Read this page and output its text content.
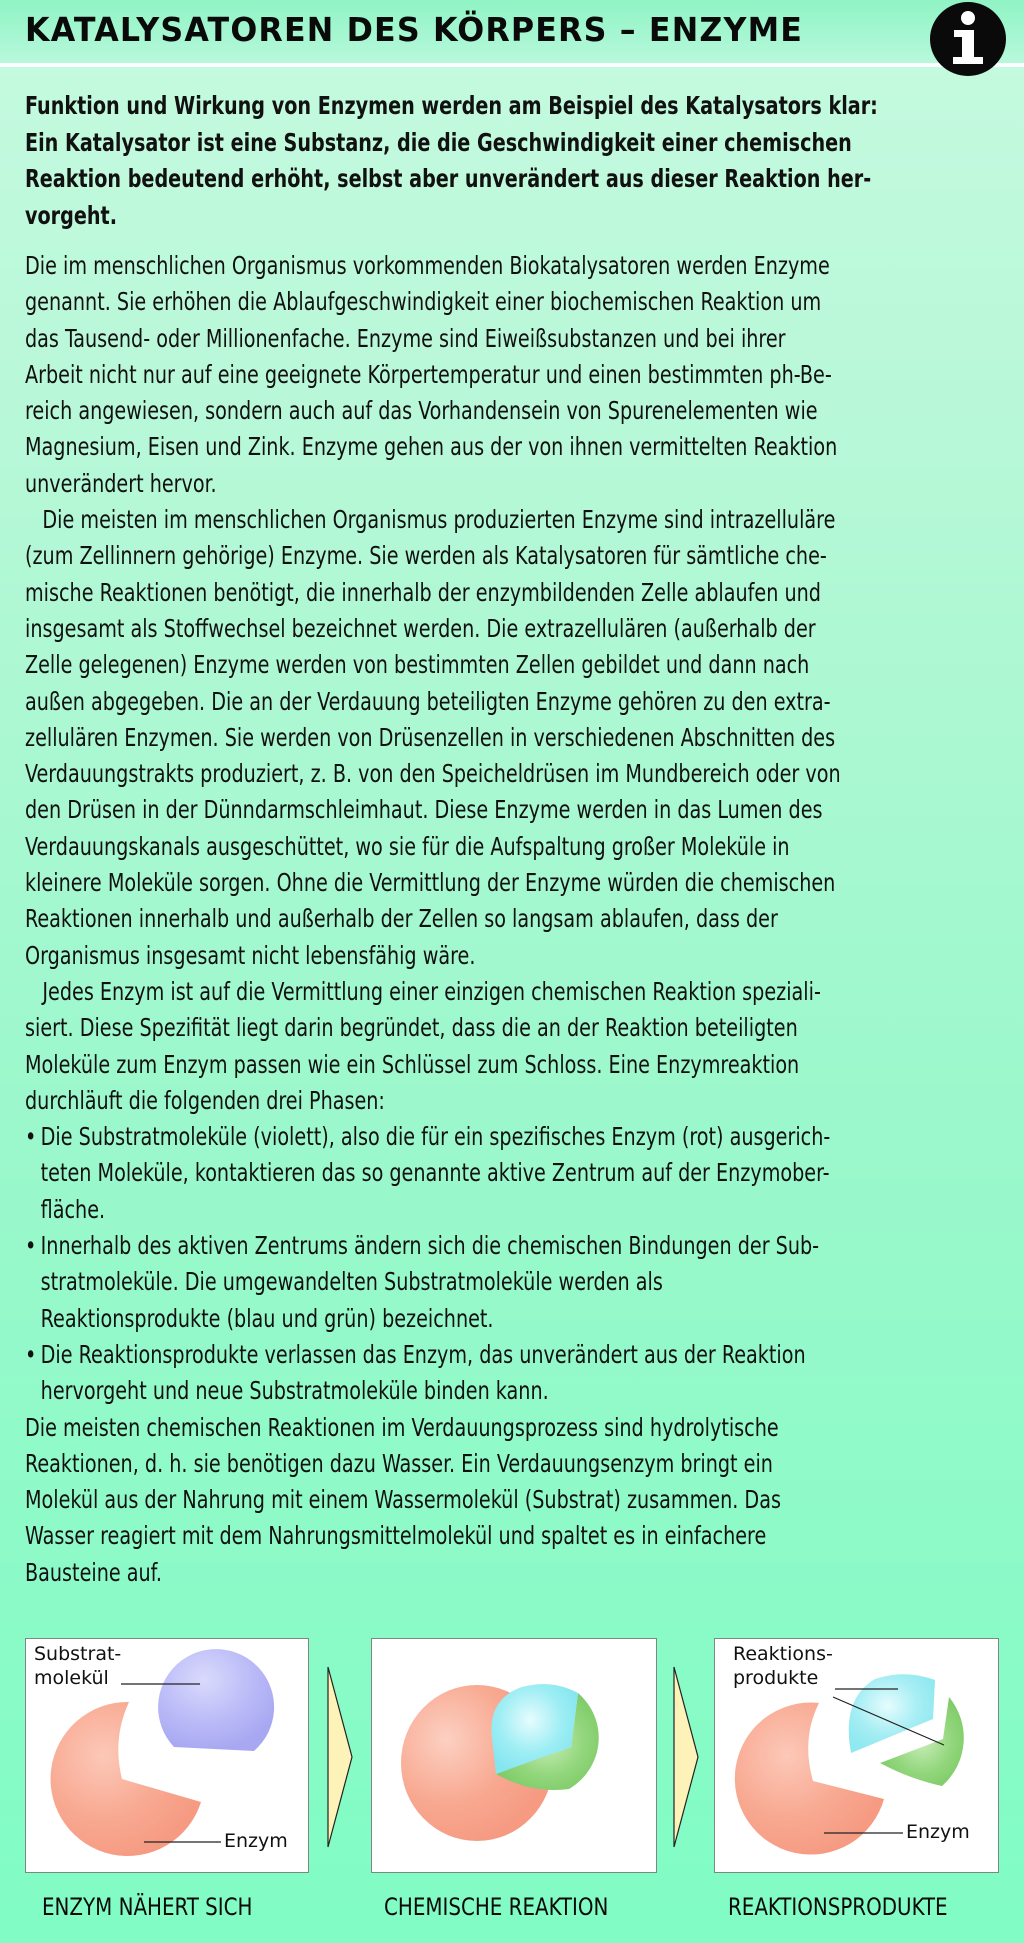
KATALYSATOREN DES KÖRPERS – ENZYME
Funktion und Wirkung von Enzymen werden am Beispiel des Katalysators klar:
Ein Katalysator ist eine Substanz, die die Geschwindigkeit einer chemischen
Reaktion bedeutend erhöht, selbst aber unverändert aus dieser Reaktion her-
vorgeht.
Die im menschlichen Organismus vorkommenden Biokatalysatoren werden Enzyme
genannt. Sie erhöhen die Ablaufgeschwindigkeit einer biochemischen Reaktion um
das Tausend- oder Millionenfache. Enzyme sind Eiweißsubstanzen und bei ihrer
Arbeit nicht nur auf eine geeignete Körpertemperatur und einen bestimmten ph-Be-
reich angewiesen, sondern auch auf das Vorhandensein von Spurenelementen wie
Magnesium, Eisen und Zink. Enzyme gehen aus der von ihnen vermittelten Reaktion
unverändert hervor.
Die meisten im menschlichen Organismus produzierten Enzyme sind intrazelluläre
(zum Zellinnern gehörige) Enzyme. Sie werden als Katalysatoren für sämtliche che-
mische Reaktionen benötigt, die innerhalb der enzymbildenden Zelle ablaufen und
insgesamt als Stoffwechsel bezeichnet werden. Die extrazellulären (außerhalb der
Zelle gelegenen) Enzyme werden von bestimmten Zellen gebildet und dann nach
außen abgegeben. Die an der Verdauung beteiligten Enzyme gehören zu den extra-
zellulären Enzymen. Sie werden von Drüsenzellen in verschiedenen Abschnitten des
Verdauungstrakts produziert, z. B. von den Speicheldrüsen im Mundbereich oder von
den Drüsen in der Dünndarmschleimhaut. Diese Enzyme werden in das Lumen des
Verdauungskanals ausgeschüttet, wo sie für die Aufspaltung großer Moleküle in
kleinere Moleküle sorgen. Ohne die Vermittlung der Enzyme würden die chemischen
Reaktionen innerhalb und außerhalb der Zellen so langsam ablaufen, dass der
Organismus insgesamt nicht lebensfähig wäre.
Jedes Enzym ist auf die Vermittlung einer einzigen chemischen Reaktion speziali-
siert. Diese Spezifität liegt darin begründet, dass die an der Reaktion beteiligten
Moleküle zum Enzym passen wie ein Schlüssel zum Schloss. Eine Enzymreaktion
durchläuft die folgenden drei Phasen:
• Die Substratmoleküle (violett), also die für ein spezifisches Enzym (rot) ausgerich-
teten Moleküle, kontaktieren das so genannte aktive Zentrum auf der Enzymober-
fläche.
• Innerhalb des aktiven Zentrums ändern sich die chemischen Bindungen der Sub-
stratmoleküle. Die umgewandelten Substratmoleküle werden als
Reaktionsprodukte (blau und grün) bezeichnet.
• Die Reaktionsprodukte verlassen das Enzym, das unverändert aus der Reaktion
hervorgeht und neue Substratmoleküle binden kann.
Die meisten chemischen Reaktionen im Verdauungsprozess sind hydrolytische
Reaktionen, d. h. sie benötigen dazu Wasser. Ein Verdauungsenzym bringt ein
Molekül aus der Nahrung mit einem Wassermolekül (Substrat) zusammen. Das
Wasser reagiert mit dem Nahrungsmittelmolekül und spaltet es in einfachere
Bausteine auf.
Substrat-
molekül
Enzym
Reaktions-
produkte
Enzym
ENZYM NÄHERT SICH	CHEMISCHE REAKTION	REAKTIONSPRODUKTE
